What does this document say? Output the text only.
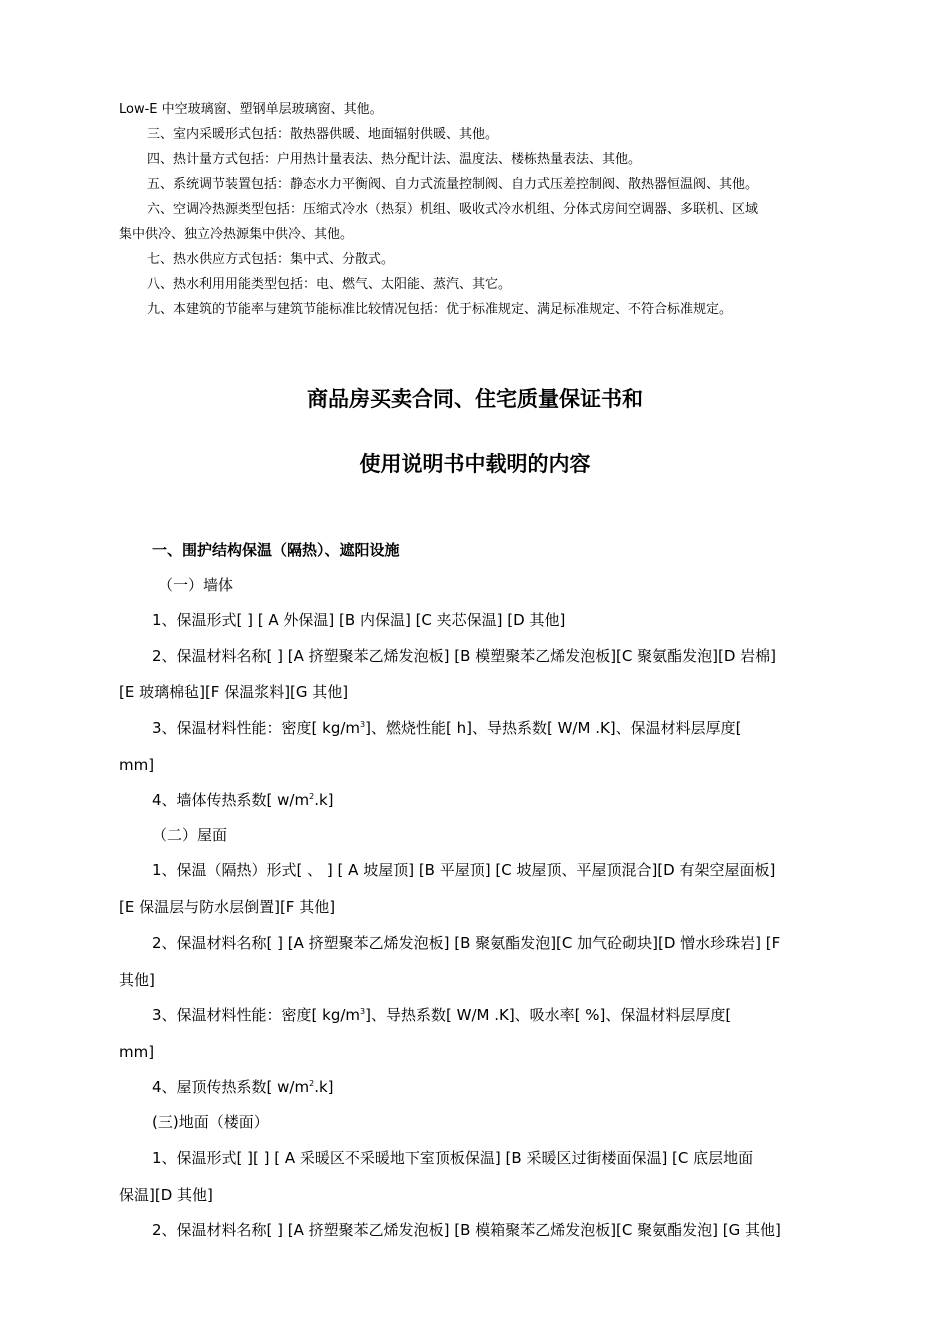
Low-E 中空玻璃窗、塑钢单层玻璃窗、其他。
三、室内采暖形式包括：散热器供暖、地面辐射供暖、其他。
四、热计量方式包括：户用热计量表法、热分配计法、温度法、楼栋热量表法、其他。
五、系统调节装置包括：静态水力平衡阀、自力式流量控制阀、自力式压差控制阀、散热器恒温阀、其他。
六、空调冷热源类型包括：压缩式冷水（热泵）机组、吸收式冷水机组、分体式房间空调器、多联机、区域
集中供冷、独立冷热源集中供冷、其他。
七、热水供应方式包括：集中式、分散式。
八、热水利用用能类型包括：电、燃气、太阳能、蒸汽、其它。
九、本建筑的节能率与建筑节能标准比较情况包括：优于标准规定、满足标准规定、不符合标准规定。
商品房买卖合同、住宅质量保证书和
使用说明书中载明的内容
一、围护结构保温（隔热）、遮阳设施
（一）墙体
1、保温形式[ ] [ A 外保温] [B 内保温] [C 夹芯保温] [D 其他]
2、保温材料名称[ ] [A 挤塑聚苯乙烯发泡板] [B 模塑聚苯乙烯发泡板][C 聚氨酯发泡][D 岩棉]
[E 玻璃棉毡][F 保温浆料][G 其他]
3、保温材料性能：密度[ $kg/m^3$]、燃烧性能[ h]、导热系数[ W/M .K]、保温材料层厚度[
mm]
4、墙体传热系数[ $w/m^2.k$]
（二）屋面
1、保温（隔热）形式[ 、 ] [ A 坡屋顶] [B 平屋顶] [C 坡屋顶、平屋顶混合][D 有架空屋面板]
[E 保温层与防水层倒置][F 其他]
2、保温材料名称[ ] [A 挤塑聚苯乙烯发泡板] [B 聚氨酯发泡][C 加气砼砌块][D 憎水珍珠岩] [F
其他]
3、保温材料性能：密度[ $kg/m^3$]、导热系数[ W/M .K]、吸水率[ %]、保温材料层厚度[
mm]
4、屋顶传热系数[ $w/m^2.k$]
(三)地面（楼面）
1、保温形式[ ][ ] [ A 采暖区不采暖地下室顶板保温] [B 采暖区过街楼面保温] [C 底层地面
保温][D 其他]
2、保温材料名称[ ] [A 挤塑聚苯乙烯发泡板] [B 模箱聚苯乙烯发泡板][C 聚氨酯发泡] [G 其他]
